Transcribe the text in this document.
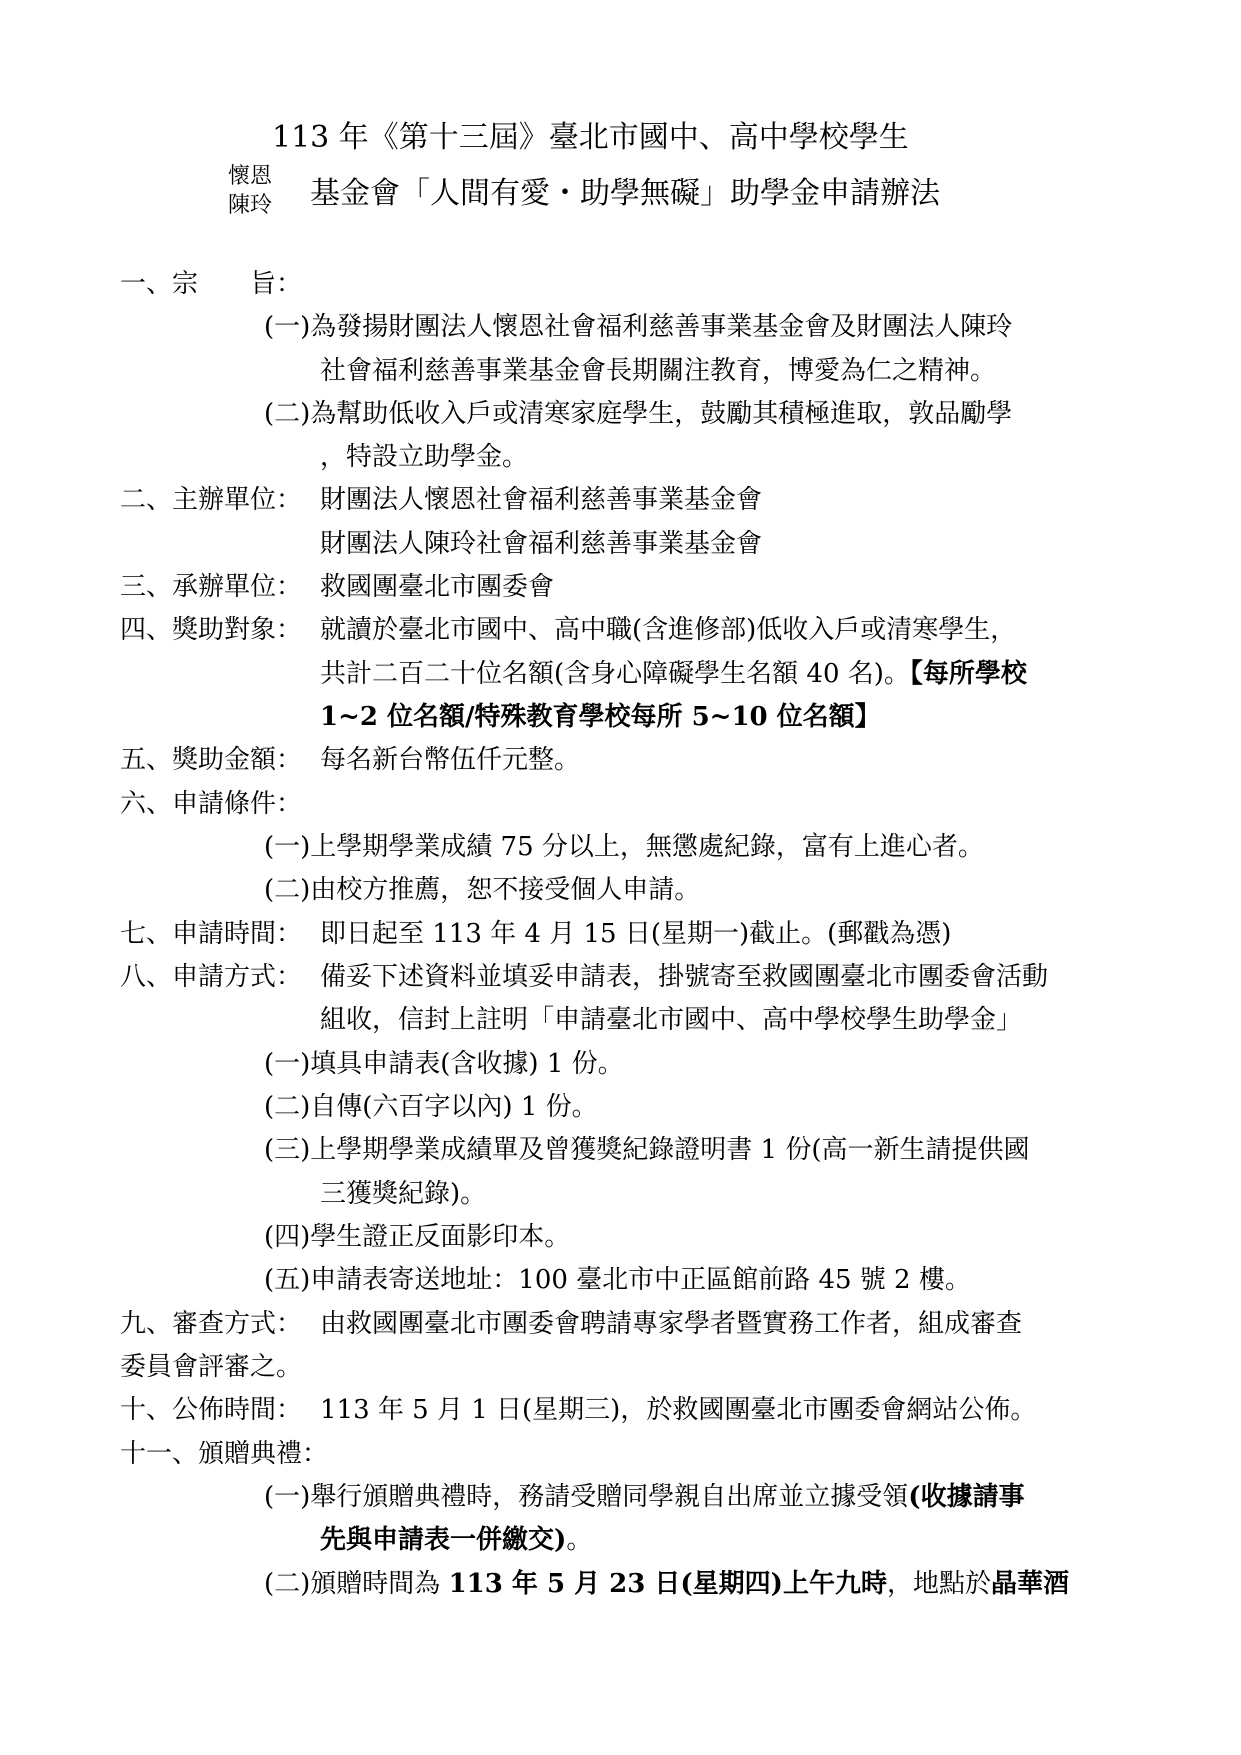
113 年《第十三屆》臺北市國中、高中學校學生
懷恩
陳玲	基金會「人間有愛・助學無礙」助學金申請辦法
一、宗　　旨：
(一)為發揚財團法人懷恩社會福利慈善事業基金會及財團法人陳玲
社會福利慈善事業基金會長期關注教育，博愛為仁之精神。
(二)為幫助低收入戶或清寒家庭學生，鼓勵其積極進取，敦品勵學
，特設立助學金。
二、主辦單位： 財團法人懷恩社會福利慈善事業基金會
財團法人陳玲社會福利慈善事業基金會
三、承辦單位： 救國團臺北市團委會
四、獎助對象： 就讀於臺北市國中、高中職(含進修部)低收入戶或清寒學生，
共計二百二十位名額(含身心障礙學生名額 40 名)。【每所學校
1~2 位名額/特殊教育學校每所 5~10 位名額】
五、獎助金額： 每名新台幣伍仟元整。
六、申請條件：
(一)上學期學業成績 75 分以上，無懲處紀錄，富有上進心者。
(二)由校方推薦，恕不接受個人申請。
七、申請時間： 即日起至 113 年 4 月 15 日(星期一)截止。(郵戳為憑)
八、申請方式： 備妥下述資料並填妥申請表，掛號寄至救國團臺北市團委會活動
組收，信封上註明「申請臺北市國中、高中學校學生助學金」
(一)填具申請表(含收據) 1 份。
(二)自傳(六百字以內) 1 份。
(三)上學期學業成績單及曾獲獎紀錄證明書 1 份(高一新生請提供國
三獲獎紀錄)。
(四)學生證正反面影印本。
(五)申請表寄送地址：100 臺北市中正區館前路 45 號 2 樓。
九、審查方式： 由救國團臺北市團委會聘請專家學者暨實務工作者，組成審查
委員會評審之。
十、公佈時間： 113 年 5 月 1 日(星期三)，於救國團臺北市團委會網站公佈。
十一、頒贈典禮：
(一)舉行頒贈典禮時，務請受贈同學親自出席並立據受領(收據請事
先與申請表一併繳交)。
(二)頒贈時間為 113 年 5 月 23 日(星期四)上午九時，地點於晶華酒
